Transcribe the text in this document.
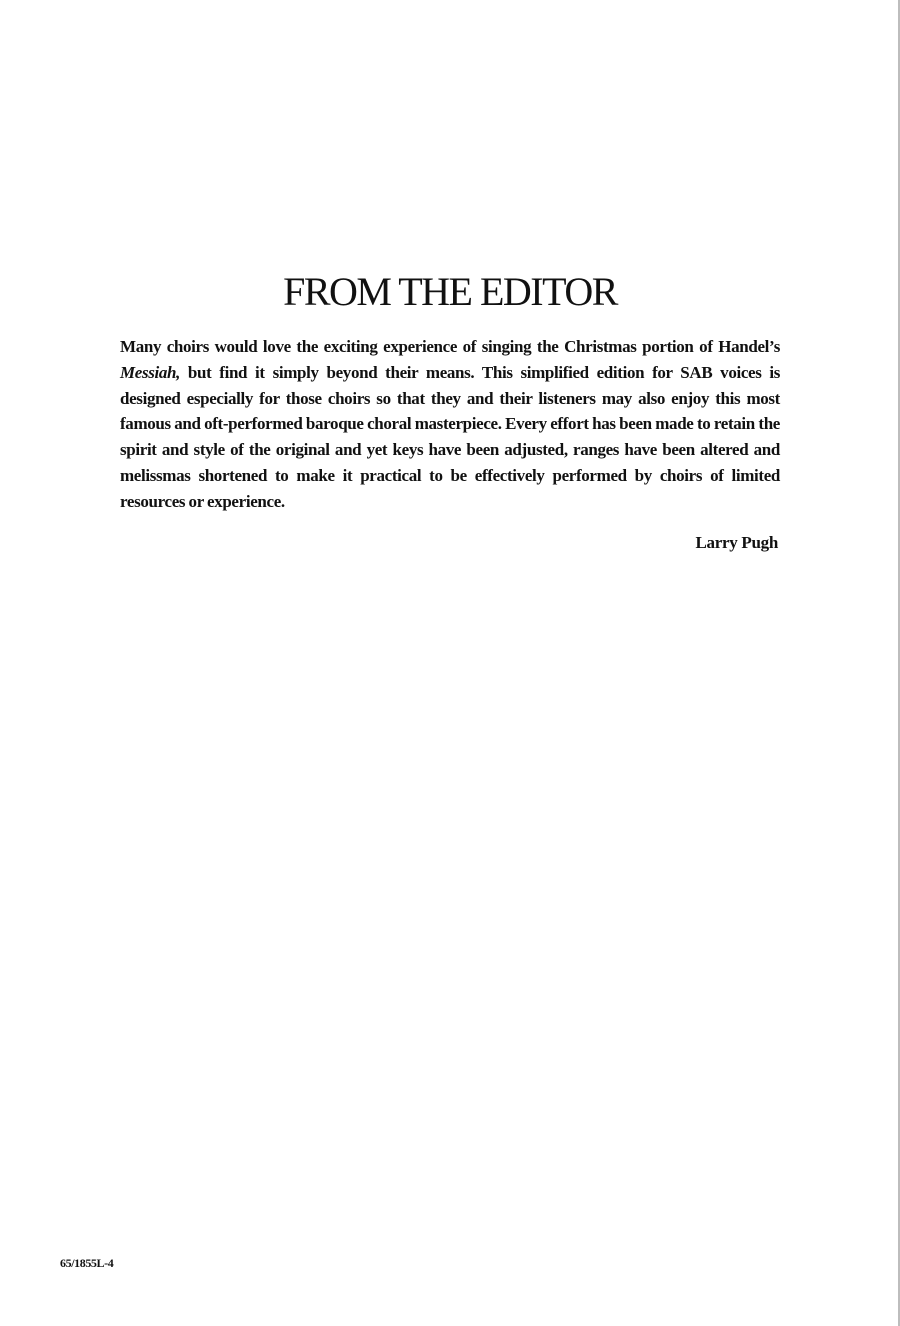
FROM THE EDITOR

Many choirs would love the exciting experience of singing the Christmas portion of Handel’s Messiah, but find it simply beyond their means. This simplified edition for SAB voices is designed especially for those choirs so that they and their listeners may also enjoy this most famous and oft-performed baroque choral masterpiece. Every effort has been made to retain the spirit and style of the original and yet keys have been adjusted, ranges have been altered and melissmas shortened to make it practical to be effectively performed by choirs of limited resources or experience.

Larry Pugh

65/1855L-4
